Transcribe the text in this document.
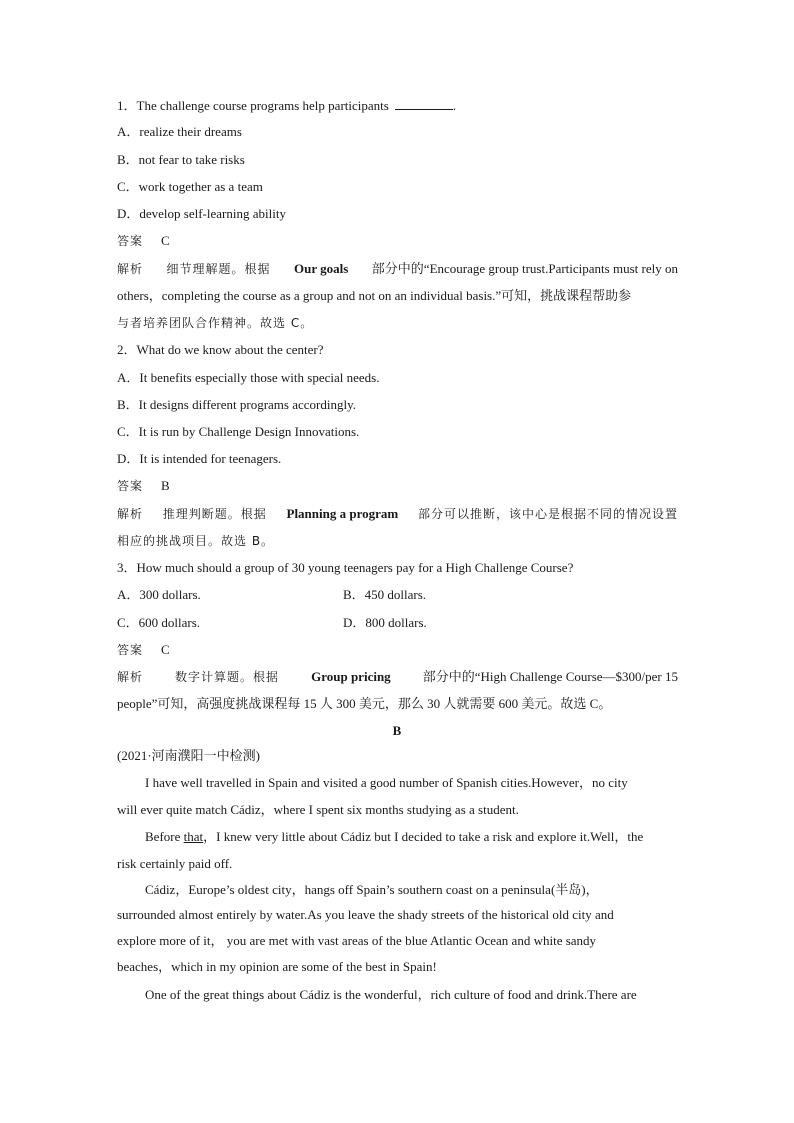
1．The challenge course programs help participants	.
A．realize their dreams
B．not fear to take risks
C．work together as a team
D．develop self-learning ability
答案 C
解析 细节理解题。根据 Our goals 部分中的“Encourage group trust.Participants must rely on
others，completing the course as a group and not on an individual basis.”可知，挑战课程帮助参
与者培养团队合作精神。故选 C。
2．What do we know about the center?
A．It benefits especially those with special needs.
B．It designs different programs accordingly.
C．It is run by Challenge Design Innovations.
D．It is intended for teenagers.
答案 B
解析 推理判断题。根据 Planning a program 部分可以推断，该中心是根据不同的情况设置
相应的挑战项目。故选 B。
3．How much should a group of 30 young teenagers pay for a High Challenge Course?
A．300 dollars.	B．450 dollars.
C．600 dollars.	D．800 dollars.
答案 C
解析	数字计算题。根据 Group pricing 部分中的“High Challenge Course—$300/per 15
people”可知，高强度挑战课程每 15 人 300 美元，那么 30 人就需要 600 美元。故选 C。
B
(2021·河南濮阳一中检测)
I have well travelled in Spain and visited a good number of Spanish cities.However，no city
will ever quite match Cádiz，where I spent six months studying as a student.
Before that，I knew very little about Cádiz but I decided to take a risk and explore it.Well，the
risk certainly paid off.
Cádiz，Europe’s oldest city，hangs off Spain’s southern coast on a peninsula(半岛)，
surrounded almost entirely by water.As you leave the shady streets of the historical old city and
explore more of it， you are met with vast areas of the blue Atlantic Ocean and white sandy
beaches，which in my opinion are some of the best in Spain!
One of the great things about Cádiz is the wonderful，rich culture of food and drink.There are
